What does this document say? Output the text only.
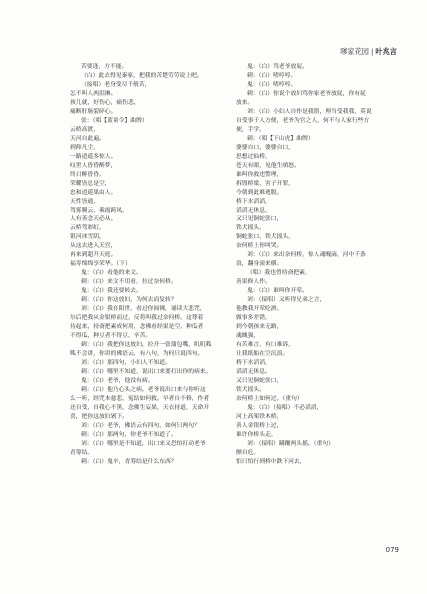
嗲家花园 | 叶兆言
苦要逢，方不能。
（白）此去得见秦家，把我的苦楚劳劳说上吧。
（接唱）老身受尽千般苦，
怎不叫人两泪淋。
孩儿就，好伤心，痛伤悲，
痛断肝肠裂碎心。
张：（唱【蓝童令】曲牌）
云桥高渡，
天河自此遍。
到仰凡尘，
一路逍遥多惊人。
叹世人昏昏醉梦，
终日醉昏昏。
荣耀皆总是空，
忠和逍遥果由人。
天性皆通，
驾雾腾云，乘霞跨凤，
人有善念天必从。
云桥驾彩虹，
银河冰雪阴，
从这去进入天宫，
再来到超升天庭。
福寿绵绵享荣华。（下）
鬼：（白）看他的来文。
刺：（白）来文不用看，拉过奈何桥。
鬼：（白）我还要转去。
刺：（白）你这放妇，为何去而复转？
刘：（白）我在阳世，看过你阎佛，诵读大悲咒，
尔后把我从金银桥而过，反将叫我过奈何桥。这尊着
待起来，持斋把素成何用，念佛看经果是空。种瓜者
不得瓜，种豆者不得豆，辛苦。
刺：（白）我把你这放妇，拉开一张蒲包嘴，叽叽呱
呱不会讲，你讲的佛语云，有八句，为何只说四句。
刘：（白）那四句，小妇人不知道。
刺：（白）哪里不知道，说出口来要打出你的病来。
鬼：（白）老爷，他没有病。
刺：（白）他乃心头之病。老爷说出口来与你听这
么一听，经咒本慈悲，冤结如何救。早者自不修，作者
还自受，自我心不黑，念佛生妄果，天衣持道，天命开
喜，把你这放妇剁下。
刘：（白）老爷，佛语云有四句，如何只两句？
刺：（白）那两句，你老爷不知道了。
刘：（白）哪里是不知道，出口来又恐怕打动老爷
青筹结。
刺：（白）鬼卒，青筹结是什么东西？
鬼：（白）骂老爷放屁。
刺：（白）喳哼哼。
鬼：（白）喳哼哼。
刺：（白）你说个放妇骂你家老爷放屁，你有屁
放来。
刘：（白）小妇人自作是我错，理当受我我，莫说
自受事于人方便，老爷为官之人，何不与人家行些方
便，手学。
刺：（唱【下山虎】曲牌）
婆婆自口，婆婆自口，
思想过仙桥，
苍天有眼，见他生嗔怒。
谁叫你救违警理，
拆毁桥梁，害子开罪，
今朝到此难逃脱。
桥下水滔滔，
滔滔无休息，
又只见铜蛇张口，
铁犬摇头，
铜蛇张口，铁犬摇头，
奈何桥上你叫哭。
刘：（白）来出奈何桥，惊人魂魄滴，河中千条
浪，翻身滚来横。
（唱）我也曾持斋把素，
善果修人作。
鬼：（白）谁叫你开荤。
刘：（接唱）又听得兄弟之言，
他教我开荤吃酒。
做事多差错，
到今朝孩来无路，
魂魄强，
有苦难言，有口难诉，
让我纸船在空沉浪。
桥下水滔滔，
滔滔无休息。
又只见铜蛇张口，
铁犬摇头。
奈何桥上如何过。（重句）
鬼：（白）（接唱）不必滔滔，
河上高架铁木桥，
善人金银桥上过，
谁许你桥头走。
刘：（接唱）蹒跚两头摇，（重句）
颤自危。
怕只怕行到桥中跌下河去，
079
